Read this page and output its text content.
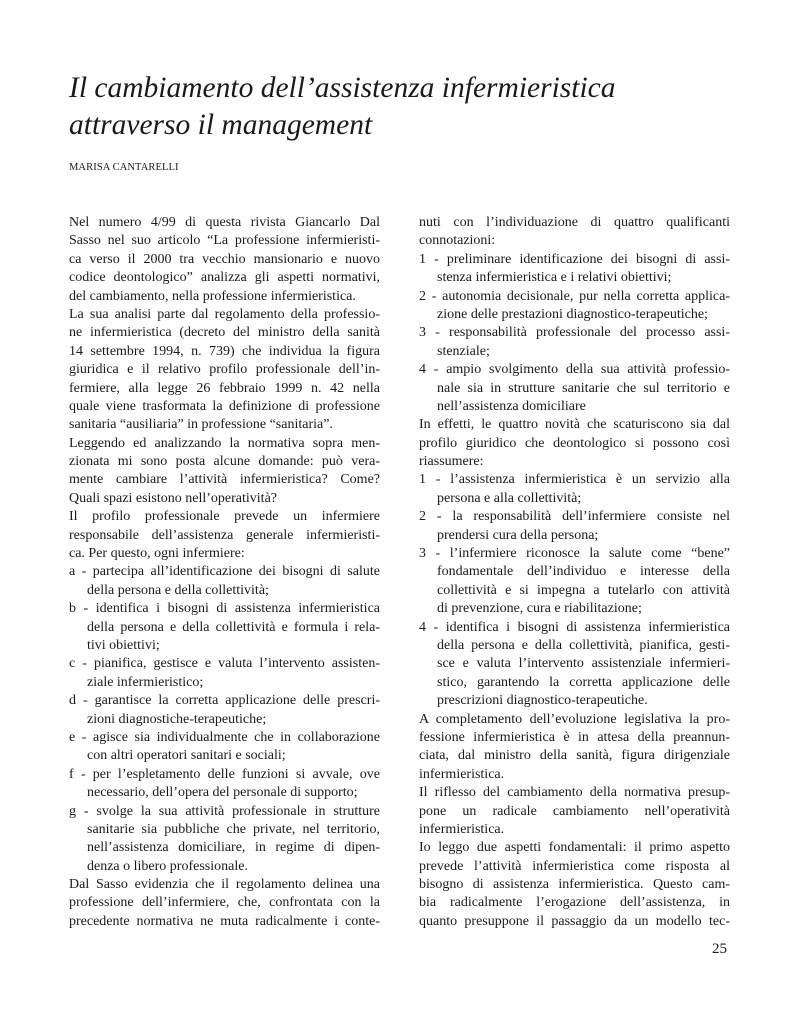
Il cambiamento dell’assistenza infermieristica
attraverso il management
MARISA CANTARELLI
Nel numero 4/99 di questa rivista Giancarlo Dal
Sasso nel suo articolo “La professione infermieristi-
ca verso il 2000 tra vecchio mansionario e nuovo
codice deontologico” analizza gli aspetti normativi,
del cambiamento, nella professione infermieristica.
La sua analisi parte dal regolamento della professio-
ne infermieristica (decreto del ministro della sanità
14 settembre 1994, n. 739) che individua la figura
giuridica e il relativo profilo professionale dell’in-
fermiere, alla legge 26 febbraio 1999 n. 42 nella
quale viene trasformata la definizione di professione
sanitaria “ausiliaria” in professione “sanitaria”.
Leggendo ed analizzando la normativa sopra men-
zionata mi sono posta alcune domande: può vera-
mente cambiare l’attività infermieristica? Come?
Quali spazi esistono nell’operatività?
Il profilo professionale prevede un infermiere
responsabile dell’assistenza generale infermieristi-
ca. Per questo, ogni infermiere:
a - partecipa all’identificazione dei bisogni di salute
della persona e della collettività;
b - identifica i bisogni di assistenza infermieristica
della persona e della collettività e formula i rela-
tivi obiettivi;
c - pianifica, gestisce e valuta l’intervento assisten-
ziale infermieristico;
d - garantisce la corretta applicazione delle prescri-
zioni diagnostiche-terapeutiche;
e - agisce sia individualmente che in collaborazione
con altri operatori sanitari e sociali;
f - per l’espletamento delle funzioni si avvale, ove
necessario, dell’opera del personale di supporto;
g - svolge la sua attività professionale in strutture
sanitarie sia pubbliche che private, nel territorio,
nell’assistenza domiciliare, in regime di dipen-
denza o libero professionale.
Dal Sasso evidenzia che il regolamento delinea una
professione dell’infermiere, che, confrontata con la
precedente normativa ne muta radicalmente i conte-
nuti con l’individuazione di quattro qualificanti
connotazioni:
1 - preliminare identificazione dei bisogni di assi-
stenza infermieristica e i relativi obiettivi;
2 - autonomia decisionale, pur nella corretta applica-
zione delle prestazioni diagnostico-terapeutiche;
3 - responsabilità professionale del processo assi-
stenziale;
4 - ampio svolgimento della sua attività professio-
nale sia in strutture sanitarie che sul territorio e
nell’assistenza domiciliare
In effetti, le quattro novità che scaturiscono sia dal
profilo giuridico che deontologico si possono così
riassumere:
1 - l’assistenza infermieristica è un servizio alla
persona e alla collettività;
2 - la responsabilità dell’infermiere consiste nel
prendersi cura della persona;
3 - l’infermiere riconosce la salute come “bene”
fondamentale dell’individuo e interesse della
collettività e si impegna a tutelarlo con attività
di prevenzione, cura e riabilitazione;
4 - identifica i bisogni di assistenza infermieristica
della persona e della collettività, pianifica, gesti-
sce e valuta l’intervento assistenziale infermieri-
stico, garantendo la corretta applicazione delle
prescrizioni diagnostico-terapeutiche.
A completamento dell’evoluzione legislativa la pro-
fessione infermieristica è in attesa della preannun-
ciata, dal ministro della sanità, figura dirigenziale
infermieristica.
Il riflesso del cambiamento della normativa presup-
pone un radicale cambiamento nell’operatività
infermieristica.
Io leggo due aspetti fondamentali: il primo aspetto
prevede l’attività infermieristica come risposta al
bisogno di assistenza infermieristica. Questo cam-
bia radicalmente l’erogazione dell’assistenza, in
quanto presuppone il passaggio da un modello tec-
25
